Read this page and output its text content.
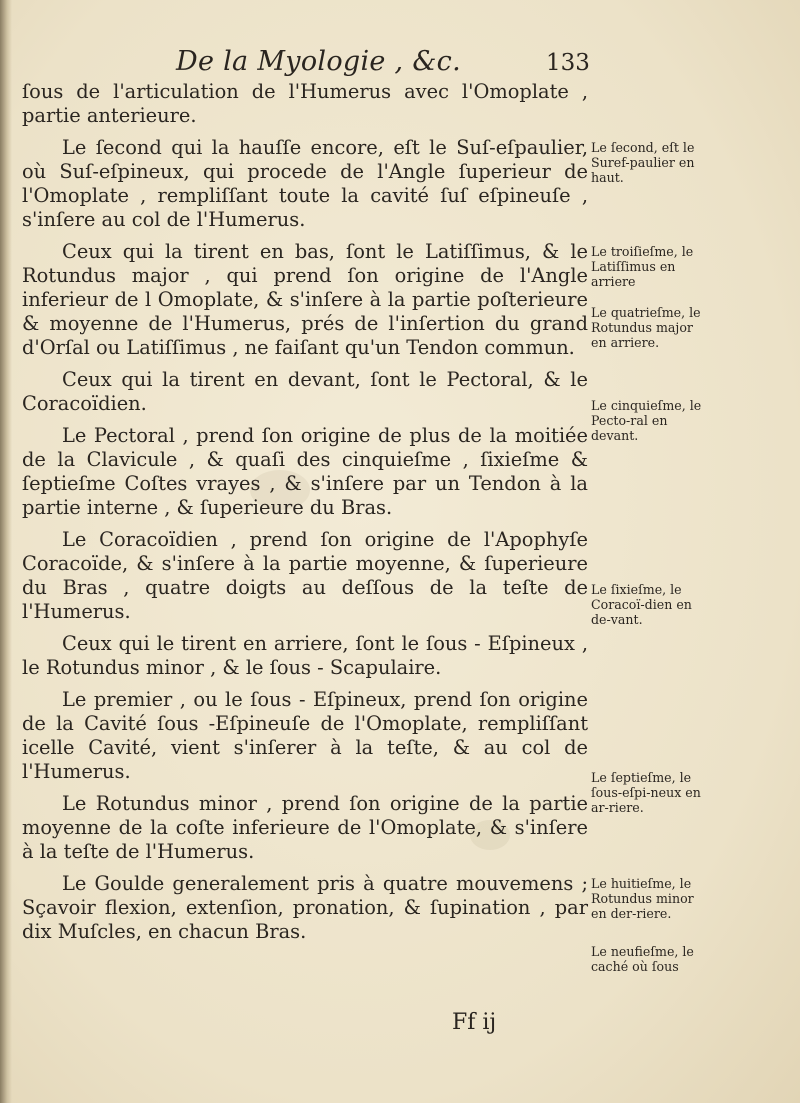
De la Myologie , &c.	133

ſous de l'articulation de l'Humerus avec l'Omoplate , partie anterieure.

Le ſecond qui la hauſſe encore, eſt le Suſ-eſpaulier, où Suſ-eſpineux, qui procede de l'Angle ſuperieur de l'Omoplate , rempliſſant toute la cavité ſuſ eſpineuſe , s'inſere au col de l'Humerus.

Ceux qui la tirent en bas, ſont le Latiſſimus, & le Rotundus major , qui prend ſon origine de l'Angle inferieur de l Omoplate, & s'inſere à la partie poſterieure & moyenne de l'Humerus, prés de l'inſertion du grand d'Orſal ou Latiſſimus , ne faiſant qu'un Tendon commun.

Ceux qui la tirent en devant, ſont le Pectoral, & le Coracoïdien.

Le Pectoral , prend ſon origine de plus de la moitiée de la Clavicule , & quaſi des cinquieſme , ſixieſme & ſeptieſme Coſtes vrayes , & s'inſere par un Tendon à la partie interne , & ſuperieure du Bras.

Le Coracoïdien , prend ſon origine de l'Apophyſe Coracoïde, & s'inſere à la partie moyenne, & ſuperieure du Bras , quatre doigts au deſſous de la teſte de l'Humerus.

Ceux qui le tirent en arriere, ſont le ſous - Eſpineux , le Rotundus minor , & le ſous - Scapulaire.

Le premier , ou le ſous - Eſpineux, prend ſon origine de la Cavité ſous -Eſpineuſe de l'Omoplate, rempliſſant icelle Cavité, vient s'inſerer à la teſte, & au col de l'Humerus.

Le Rotundus minor , prend ſon origine de la partie moyenne de la coſte inferieure de l'Omoplate, & s'inſere à la teſte de l'Humerus.

Le Goulde generalement pris à quatre mouvemens ; Sçavoir flexion, extenſion, pronation, & ſupination , par dix Muſcles, en chacun Bras.

Le ſecond, eſt le Suref-paulier en haut.
Le troiſieſme, le Latiſſimus en arriere
Le quatrieſme, le Rotundus major en arriere.
Le cinquieſme, le Pecto-ral en devant.
Le ſixieſme, le Coracoï-dien en de-vant.
Le ſeptieſme, le ſous-eſpi-neux en ar-riere.
Le huitieſme, le Rotundus minor en der-riere.
Le neufieſme, le caché où ſous
Ff ij
